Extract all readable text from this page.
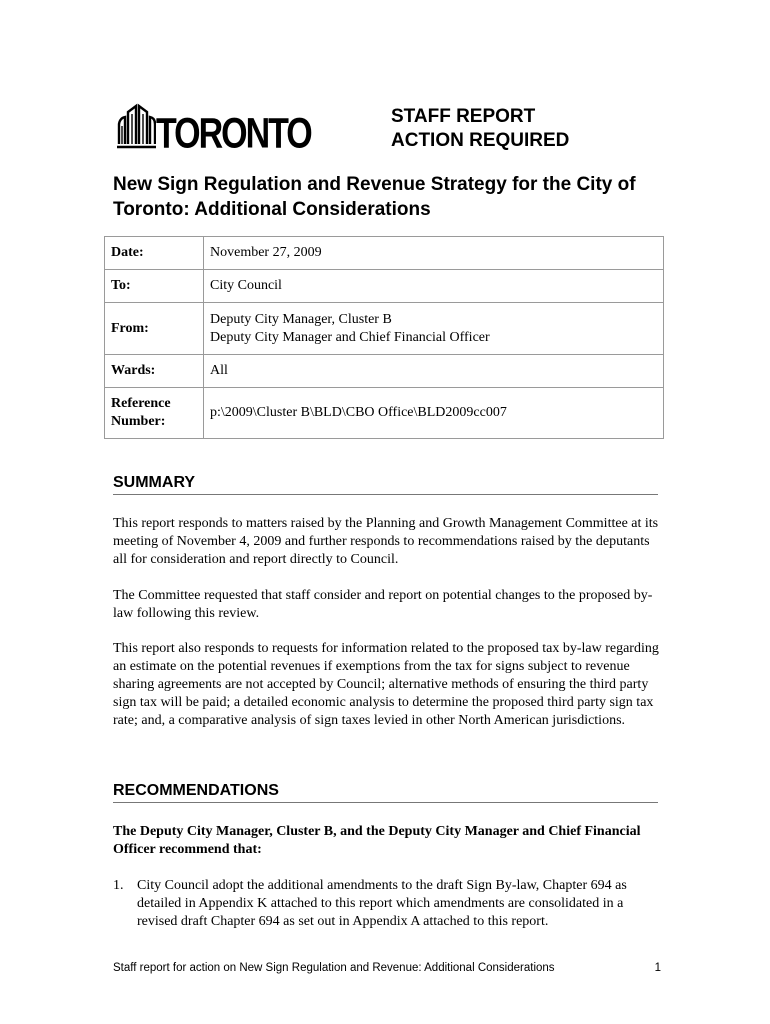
TORONTO	STAFF REPORT
ACTION REQUIRED
New Sign Regulation and Revenue Strategy for the City of Toronto: Additional Considerations
Date:	November 27, 2009
To:	City Council
From:	Deputy City Manager, Cluster B
Deputy City Manager and Chief Financial Officer

Wards:	All

Reference
Number:	p:\2009\Cluster B\BLD\CBO Office\BLD2009cc007
SUMMARY

This report responds to matters raised by the Planning and Growth Management Committee at its meeting of November 4, 2009 and further responds to recommendations raised by the deputants all for consideration and report directly to Council.

The Committee requested that staff consider and report on potential changes to the proposed by-law following this review.

This report also responds to requests for information related to the proposed tax by-law regarding an estimate on the potential revenues if exemptions from the tax for signs subject to revenue sharing agreements are not accepted by Council; alternative methods of ensuring the third party sign tax will be paid; a detailed economic analysis to determine the proposed third party sign tax rate; and, a comparative analysis of sign taxes levied in other North American jurisdictions.

RECOMMENDATIONS

The Deputy City Manager, Cluster B, and the Deputy City Manager and Chief Financial Officer recommend that:

1. City Council adopt the additional amendments to the draft Sign By-law, Chapter 694 as detailed in Appendix K attached to this report which amendments are consolidated in a revised draft Chapter 694 as set out in Appendix A attached to this report.
Staff report for action on New Sign Regulation and Revenue: Additional Considerations	1
